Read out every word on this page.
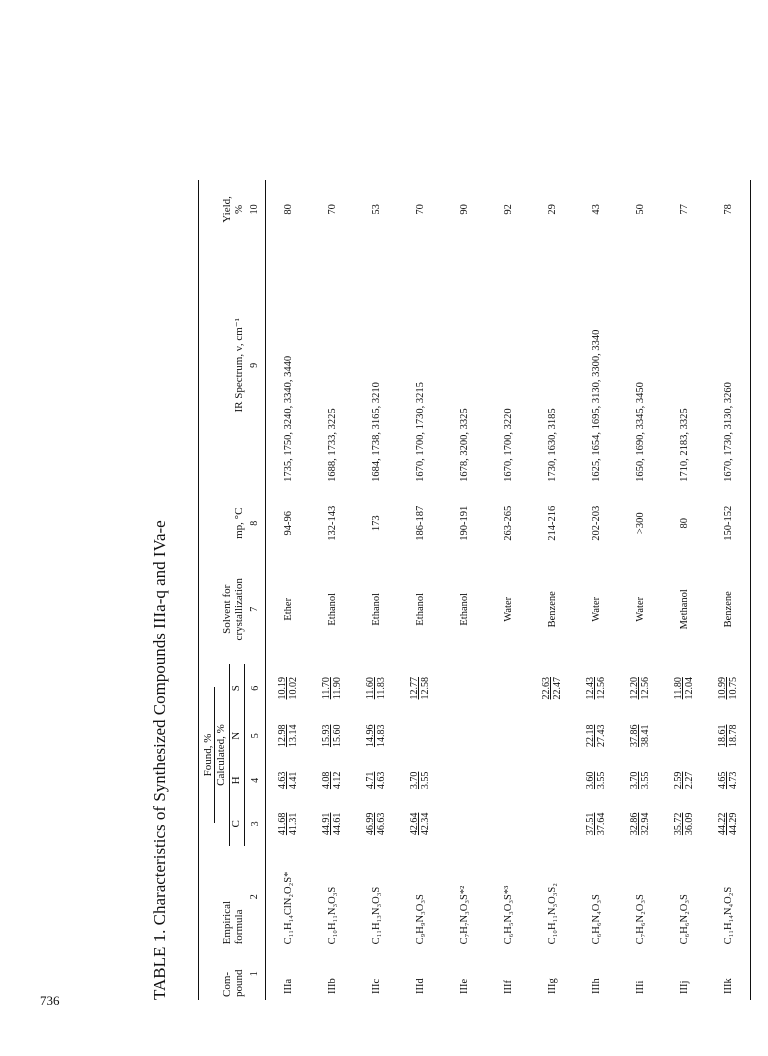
736
TABLE 1. Characteristics of Synthesized Compounds IIIa-q and IVa-e	Com-
pound	Empirical
formula	Found, % Calculated, %				Solvent for
crystallization	mp, °C	IR Spectrum, ν, cm⁻¹	Yield,
%

		C	H	N	S				
1	2	3	4	5	6	7	8	9	10
IIIa	C₁₁H₁₄ClN₂O₂S*	41.68 41.31	4.63 4.41	12.98 13.14	10.19 10.02	Ether	94-96	1735, 1750, 3240, 3340, 3440	80
IIIb	C₁₀H₁₁N₃O₃S	44.91 44.61	4.08 4.12	15.93 15.60	11.70 11.90	Ethanol	132-143	1688, 1733, 3225	70
IIIc	C₁₁H₁₃N₃O₃S	46.99 46.63	4.71 4.63	14.96 14.83	11.60 11.83	Ethanol	173	1684, 1738, 3165, 3210	53
IIId	C₉H₉N₃O₃S	42.64 42.34	3.70 3.55		12.77 12.58	Ethanol	186-187	1670, 1700, 1730, 3215	70
IIIe	C₇H₇N₃O₃S*²					Ethanol	190-191	1678, 3200, 3325	90
IIIf	C₆H₅N₃O₃S*³					Water	263-265	1670, 1700, 3220	92
IIIg	C₁₀H₁₁N₃O₃S₂				22.63 22.47	Benzene	214-216	1730, 1630, 3185	29
IIIh	C₆H₆N₄O₃S	37.51 37.64	3.60 3.55	22.18 27.43	12.43 12.56	Water	202-203	1625, 1654, 1695, 3130, 3300, 3340	43
IIIi	C₇H₆N₂O₃S	32.86 32.94	3.70 3.55	37.86 38.41	12.20 12.56	Water	>300	1650, 1690, 3345, 3450	50
IIIj	C₆H₆N₂O₃S	35.72 36.09	2.59 2.27		11.80 12.04	Methanol	80	1710, 2183, 3325	77
IIIk	C₁₁H₁₄N₄O₂S	44.22 44.29	4.65 4.73	18.61 18.78	10.99 10.75	Benzene	150-152	1670, 1730, 3130, 3260	78
